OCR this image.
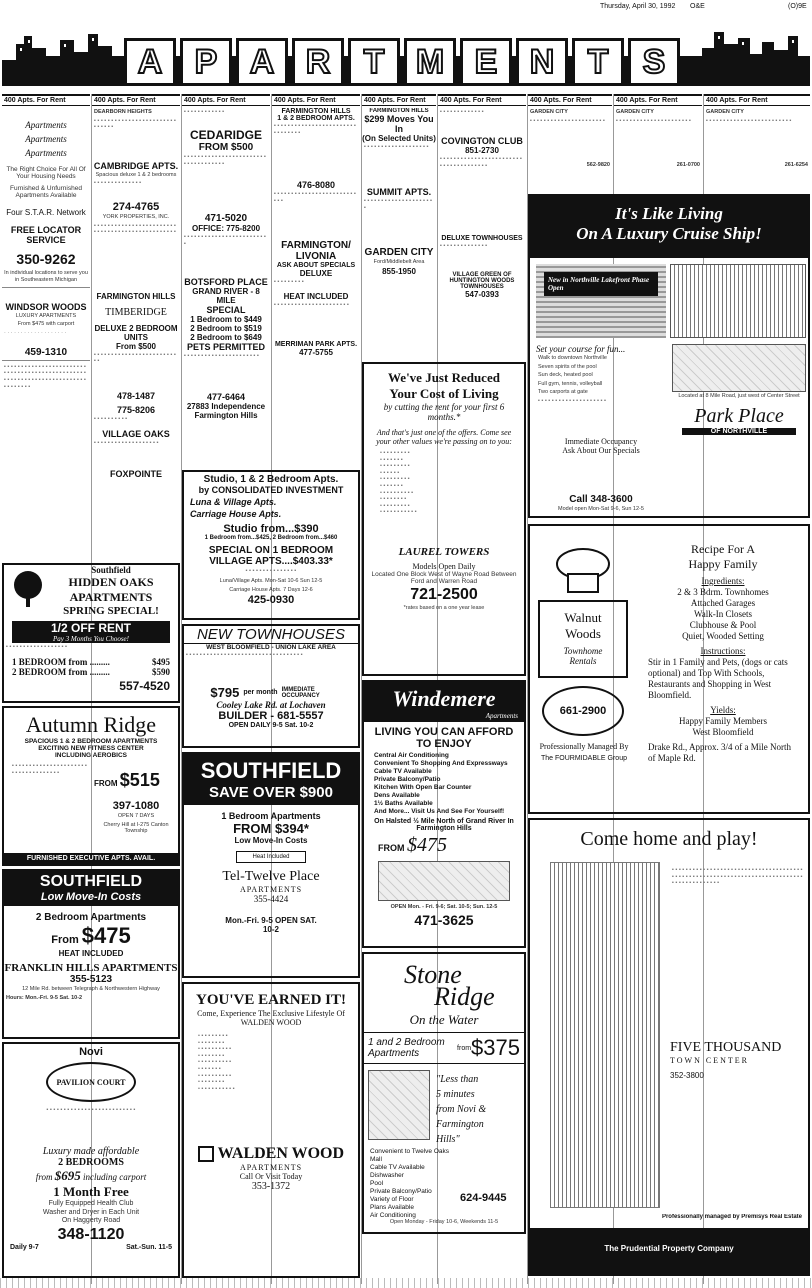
Thursday, April 30, 1992 O&E	(O)9E
A P A R T M E N T	S
400 Apts. For Rent	400 Apts. For Rent	400 Apts. For Rent	400 Apts. For Rent	400 Apts. For Rent	400 Apts. For Rent	400 Apts. For Rent	400 Apts. For Rent	400 Apts. For Rent
Apartments
Apartments
Apartments
The Right Choice For All Of Your Housing Needs
Furnished & Unfurnished Apartments Available
Four S.T.A.R. Network
FREE LOCATOR SERVICE
350-9262
In individual locations to serve you in Southeastern Michigan
WINDSOR WOODS
LUXURY APARTMENTS
From $475 with carport
· · · · · · · · · · · · · · · · · · ·
459-1310
▪ ▪ ▪ ▪ ▪ ▪ ▪ ▪ ▪ ▪ ▪ ▪ ▪ ▪ ▪ ▪ ▪ ▪ ▪ ▪ ▪ ▪ ▪ ▪ ▪ ▪ ▪ ▪ ▪ ▪ ▪ ▪ ▪ ▪ ▪ ▪ ▪ ▪ ▪ ▪ ▪ ▪ ▪ ▪ ▪ ▪ ▪ ▪ ▪ ▪ ▪ ▪ ▪ ▪ ▪ ▪ ▪ ▪ ▪ ▪ ▪ ▪ ▪ ▪ ▪ ▪ ▪ ▪ ▪ ▪ ▪ ▪ ▪ ▪ ▪ ▪ ▪ ▪ ▪ ▪
DEARBORN HEIGHTS
▪ ▪ ▪ ▪ ▪ ▪ ▪ ▪ ▪ ▪ ▪ ▪ ▪ ▪ ▪ ▪ ▪ ▪ ▪ ▪ ▪ ▪ ▪ ▪ ▪ ▪ ▪ ▪ ▪ ▪
CAMBRIDGE APTS.
Spacious deluxe 1 & 2 bedrooms
▪ ▪ ▪ ▪ ▪ ▪ ▪ ▪ ▪ ▪ ▪ ▪ ▪ ▪
274-4765
YORK PROPERTIES, INC.
▪ ▪ ▪ ▪ ▪ ▪ ▪ ▪ ▪ ▪ ▪ ▪ ▪ ▪ ▪ ▪ ▪ ▪ ▪ ▪ ▪ ▪ ▪ ▪ ▪ ▪ ▪ ▪ ▪ ▪ ▪ ▪ ▪ ▪ ▪ ▪ ▪ ▪ ▪ ▪ ▪ ▪ ▪ ▪ ▪ ▪ ▪ ▪
FARMINGTON HILLS
TIMBERIDGE
DELUXE 2 BEDROOM UNITS
From $500
▪ ▪ ▪ ▪ ▪ ▪ ▪ ▪ ▪ ▪ ▪ ▪ ▪ ▪ ▪ ▪ ▪ ▪ ▪ ▪ ▪ ▪ ▪ ▪ ▪ ▪
478-1487
775-8206
▪ ▪ ▪ ▪ ▪ ▪ ▪ ▪ ▪ ▪
VILLAGE OAKS
▪ ▪ ▪ ▪ ▪ ▪ ▪ ▪ ▪ ▪ ▪ ▪ ▪ ▪ ▪ ▪ ▪ ▪ ▪
FOXPOINTE
▪ ▪ ▪ ▪ ▪ ▪ ▪ ▪ ▪ ▪ ▪ ▪
CEDARIDGE
FROM $500
▪ ▪ ▪ ▪ ▪ ▪ ▪ ▪ ▪ ▪ ▪ ▪ ▪ ▪ ▪ ▪ ▪ ▪ ▪ ▪ ▪ ▪ ▪ ▪ ▪ ▪ ▪ ▪ ▪ ▪ ▪ ▪ ▪ ▪ ▪ ▪
471-5020
OFFICE: 775-8200
▪ ▪ ▪ ▪ ▪ ▪ ▪ ▪ ▪ ▪ ▪ ▪ ▪ ▪ ▪ ▪ ▪ ▪ ▪ ▪ ▪ ▪ ▪ ▪ ▪
BOTSFORD PLACE
GRAND RIVER - 8 MILE
SPECIAL
1 Bedroom to $449
2 Bedroom to $519
2 Bedroom to $649
PETS PERMITTED
▪ ▪ ▪ ▪ ▪ ▪ ▪ ▪ ▪ ▪ ▪ ▪ ▪ ▪ ▪ ▪ ▪ ▪ ▪ ▪ ▪ ▪
477-6464
27883 Independence
Farmington Hills
FARMINGTON HILLS
1 & 2 BEDROOM APTS.
▪ ▪ ▪ ▪ ▪ ▪ ▪ ▪ ▪ ▪ ▪ ▪ ▪ ▪ ▪ ▪ ▪ ▪ ▪ ▪ ▪ ▪ ▪ ▪ ▪ ▪ ▪ ▪ ▪ ▪ ▪ ▪
476-8080
▪ ▪ ▪ ▪ ▪ ▪ ▪ ▪ ▪ ▪ ▪ ▪ ▪ ▪ ▪ ▪ ▪ ▪ ▪ ▪ ▪ ▪ ▪ ▪ ▪ ▪ ▪
FARMINGTON/ LIVONIA
ASK ABOUT SPECIALS
DELUXE
▪ ▪ ▪ ▪ ▪ ▪ ▪ ▪ ▪
HEAT INCLUDED
▪ ▪ ▪ ▪ ▪ ▪ ▪ ▪ ▪ ▪ ▪ ▪ ▪ ▪ ▪ ▪ ▪ ▪ ▪ ▪ ▪ ▪
MERRIMAN PARK APTS.
477-5755
FARMINGTON HILLS
$299 Moves You In
(On Selected Units)
▪ ▪ ▪ ▪ ▪ ▪ ▪ ▪ ▪ ▪ ▪ ▪ ▪ ▪ ▪ ▪ ▪ ▪ ▪
SUMMIT APTS.
▪ ▪ ▪ ▪ ▪ ▪ ▪ ▪ ▪ ▪ ▪ ▪ ▪ ▪ ▪ ▪ ▪ ▪ ▪ ▪ ▪
GARDEN CITY
Ford/Middlebelt Area
855-1950
▪ ▪ ▪ ▪ ▪ ▪ ▪ ▪ ▪ ▪ ▪ ▪ ▪
COVINGTON CLUB
851-2730
▪ ▪ ▪ ▪ ▪ ▪ ▪ ▪ ▪ ▪ ▪ ▪ ▪ ▪ ▪ ▪ ▪ ▪ ▪ ▪ ▪ ▪ ▪ ▪ ▪ ▪ ▪ ▪ ▪ ▪ ▪ ▪ ▪ ▪ ▪ ▪ ▪ ▪
DELUXE TOWNHOUSES
▪ ▪ ▪ ▪ ▪ ▪ ▪ ▪ ▪ ▪ ▪ ▪ ▪ ▪
VILLAGE GREEN OF HUNTINGTON WOODS TOWNHOUSES
547-0393
GARDEN CITY
▪ ▪ ▪ ▪ ▪ ▪ ▪ ▪ ▪ ▪ ▪ ▪ ▪ ▪ ▪ ▪ ▪ ▪ ▪ ▪ ▪ ▪
562-9820
GARDEN CITY
▪ ▪ ▪ ▪ ▪ ▪ ▪ ▪ ▪ ▪ ▪ ▪ ▪ ▪ ▪ ▪ ▪ ▪ ▪ ▪ ▪ ▪
261-0700
GARDEN CITY
▪ ▪ ▪ ▪ ▪ ▪ ▪ ▪ ▪ ▪ ▪ ▪ ▪ ▪ ▪ ▪ ▪ ▪ ▪ ▪ ▪ ▪ ▪ ▪ ▪
261-6254
It's Like Living
On A Luxury Cruise Ship!
New in Northville Lakefront Phase Open
Set your course for fun...
Walk to downtown Northville
Seven spirits of the pool
Sun deck, heated pool
Full gym, tennis, volleyball
Two carports at gate
▪ ▪ ▪ ▪ ▪ ▪ ▪ ▪ ▪ ▪ ▪ ▪ ▪ ▪ ▪ ▪ ▪ ▪ ▪ ▪
Immediate Occupancy
Ask About Our Specials
Located at 8 Mile Road, just west of Center Street
Park Place
OF NORTHVILLE
Call 348-3600
Model open Mon-Sat 9-6, Sun 12-5
Southfield
HIDDEN OAKS
APARTMENTS
SPRING SPECIAL!
1/2 OFF RENT
Pay 3 Months You Choose!
▪ ▪ ▪ ▪ ▪ ▪ ▪ ▪ ▪ ▪ ▪ ▪ ▪ ▪ ▪ ▪ ▪ ▪
1 BEDROOM from .........	$495
2 BEDROOM from .........	$590
557-4520
Autumn Ridge
SPACIOUS 1 & 2 BEDROOM APARTMENTS
EXCITING NEW FITNESS CENTER
INCLUDING AEROBICS
▪ ▪ ▪ ▪ ▪ ▪ ▪ ▪ ▪ ▪ ▪ ▪ ▪ ▪ ▪ ▪ ▪ ▪ ▪ ▪ ▪ ▪ ▪ ▪ ▪ ▪ ▪ ▪ ▪ ▪ ▪ ▪ ▪ ▪ ▪ ▪
FROM $515
397-1080
OPEN 7 DAYS
Cherry Hill at I-275 Canton Township
FURNISHED EXECUTIVE APTS. AVAIL.
SOUTHFIELD
Low Move-In Costs
2 Bedroom Apartments
From $475
HEAT INCLUDED
FRANKLIN HILLS APARTMENTS
355-5123
12 Mile Rd. between Telegraph & Northwestern Highway
Hours: Mon.-Fri. 9-5 Sat. 10-2
Novi
PAVILION COURT
▪ ▪ ▪ ▪ ▪ ▪ ▪ ▪ ▪ ▪ ▪ ▪ ▪ ▪ ▪ ▪ ▪ ▪ ▪ ▪ ▪ ▪ ▪ ▪ ▪ ▪
Luxury made affordable
2 BEDROOMS
from $695 including carport
1 Month Free
Fully Equipped Health Club
Washer and Dryer in Each Unit
On Haggerty Road
348-1120
Daily 9-7	Sat.-Sun. 11-5
Studio, 1 & 2 Bedroom Apts.
by CONSOLIDATED INVESTMENT
Luna & Village Apts.
Carriage House Apts.
Studio from...$390
1 Bedroom from...$425, 2 Bedroom from...$460
SPECIAL ON 1 BEDROOM
VILLAGE APTS....$403.33*
▪ ▪ ▪ ▪ ▪ ▪ ▪ ▪ ▪ ▪ ▪ ▪ ▪ ▪ ▪
Luna/Village Apts. Mon-Sat 10-6 Sun 12-5
Carriage House Apts. 7 Days 12-6
425-0930
NEW TOWNHOUSES
WEST BLOOMFIELD - UNION LAKE AREA
▪ ▪ ▪ ▪ ▪ ▪ ▪ ▪ ▪ ▪ ▪ ▪ ▪ ▪ ▪ ▪ ▪ ▪ ▪ ▪ ▪ ▪ ▪ ▪ ▪ ▪ ▪ ▪ ▪ ▪ ▪ ▪ ▪ ▪
$795 per month IMMEDIATE OCCUPANCY
Cooley Lake Rd. at Lochaven
BUILDER - 681-5557
OPEN DAILY 9-5 Sat. 10-2
SOUTHFIELD
SAVE OVER $900
1 Bedroom Apartments
FROM $394*
Low Move-In Costs
Heat Included
Tel-Twelve Place
APARTMENTS
355-4424
Mon.-Fri. 9-5 OPEN SAT. 10-2
YOU'VE EARNED IT!
Come, Experience The Exclusive Lifestyle Of WALDEN WOOD
• ▪ ▪ ▪ ▪ ▪ ▪ ▪ ▪
• ▪ ▪ ▪ ▪ ▪ ▪ ▪
• ▪ ▪ ▪ ▪ ▪ ▪ ▪ ▪ ▪
• ▪ ▪ ▪ ▪ ▪ ▪ ▪
• ▪ ▪ ▪ ▪ ▪ ▪ ▪ ▪ ▪
• ▪ ▪ ▪ ▪ ▪ ▪
• ▪ ▪ ▪ ▪ ▪ ▪ ▪ ▪ ▪
• ▪ ▪ ▪ ▪ ▪ ▪ ▪
• ▪ ▪ ▪ ▪ ▪ ▪ ▪ ▪ ▪ ▪
WALDEN WOOD
APARTMENTS
Call Or Visit Today
353-1372
We've Just Reduced
Your Cost of Living
by cutting the rent for your first 6 months.*
And that's just one of the offers. Come see your other values we're passing on to you:
• ▪ ▪ ▪ ▪ ▪ ▪ ▪ ▪
• ▪ ▪ ▪ ▪ ▪ ▪
• ▪ ▪ ▪ ▪ ▪ ▪ ▪ ▪
• ▪ ▪ ▪ ▪ ▪
• ▪ ▪ ▪ ▪ ▪ ▪ ▪ ▪
• ▪ ▪ ▪ ▪ ▪ ▪
• ▪ ▪ ▪ ▪ ▪ ▪ ▪ ▪ ▪
• ▪ ▪ ▪ ▪ ▪ ▪ ▪
• ▪ ▪ ▪ ▪ ▪ ▪ ▪ ▪
• ▪ ▪ ▪ ▪ ▪ ▪ ▪ ▪ ▪ ▪
LAUREL TOWERS
Models Open Daily
Located One Block West of Wayne Road Between Ford and Warren Road
721-2500
*rates based on a one year lease
Windemere
Apartments
LIVING YOU CAN AFFORD TO ENJOY
Central Air Conditioning
Convenient To Shopping And Expressways
Cable TV Available
Private Balcony/Patio
Kitchen With Open Bar Counter
Dens Available
1½ Baths Available
And More... Visit Us And See For Yourself!
On Halsted ½ Mile North of Grand River In Farmington Hills
FROM $475
OPEN Mon. - Fri. 9-6; Sat. 10-5; Sun. 12-5
471-3625
Stone
Ridge
On the Water
1 and 2 Bedroom Apartments	from $375
"Less than
5 minutes
from Novi &
Farmington
Hills"
Convenient to Twelve Oaks Mall
Cable TV Available
Dishwasher
Pool
Private Balcony/Patio
Variety of Floor
Plans Available
Air Conditioning
624-9445
Open Monday - Friday 10-6, Weekends 11-5
Walnut
Woods
Townhome
Rentals
661-2900
Professionally Managed By
The FOURMIDABLE Group
Recipe For A
Happy Family
Ingredients:
2 & 3 Bdrm. Townhomes
Attached Garages
Walk-In Closets
Clubhouse & Pool
Quiet, Wooded Setting
Instructions:
Stir in 1 Family and Pets, (dogs or cats optional) and Top With Schools, Restaurants and Shopping in West Bloomfield.
Yields:
Happy Family Members
West Bloomfield
Drake Rd., Approx. 3/4 of a Mile North of Maple Rd.
Come home and play!
▪ ▪ ▪ ▪ ▪ ▪ ▪ ▪ ▪ ▪ ▪ ▪ ▪ ▪ ▪ ▪ ▪ ▪ ▪ ▪ ▪ ▪ ▪ ▪ ▪ ▪ ▪ ▪ ▪ ▪ ▪ ▪ ▪ ▪ ▪ ▪ ▪ ▪ ▪ ▪ ▪ ▪ ▪ ▪ ▪ ▪ ▪ ▪ ▪ ▪ ▪ ▪ ▪ ▪ ▪ ▪ ▪ ▪ ▪ ▪ ▪ ▪ ▪ ▪ ▪ ▪ ▪ ▪ ▪ ▪ ▪ ▪ ▪ ▪ ▪ ▪ ▪ ▪ ▪ ▪ ▪ ▪ ▪ ▪ ▪ ▪ ▪ ▪ ▪ ▪
FIVE THOUSAND
TOWN CENTER
352-3800
Professionally managed by Premisys Real Estate
The Prudential Property Company
